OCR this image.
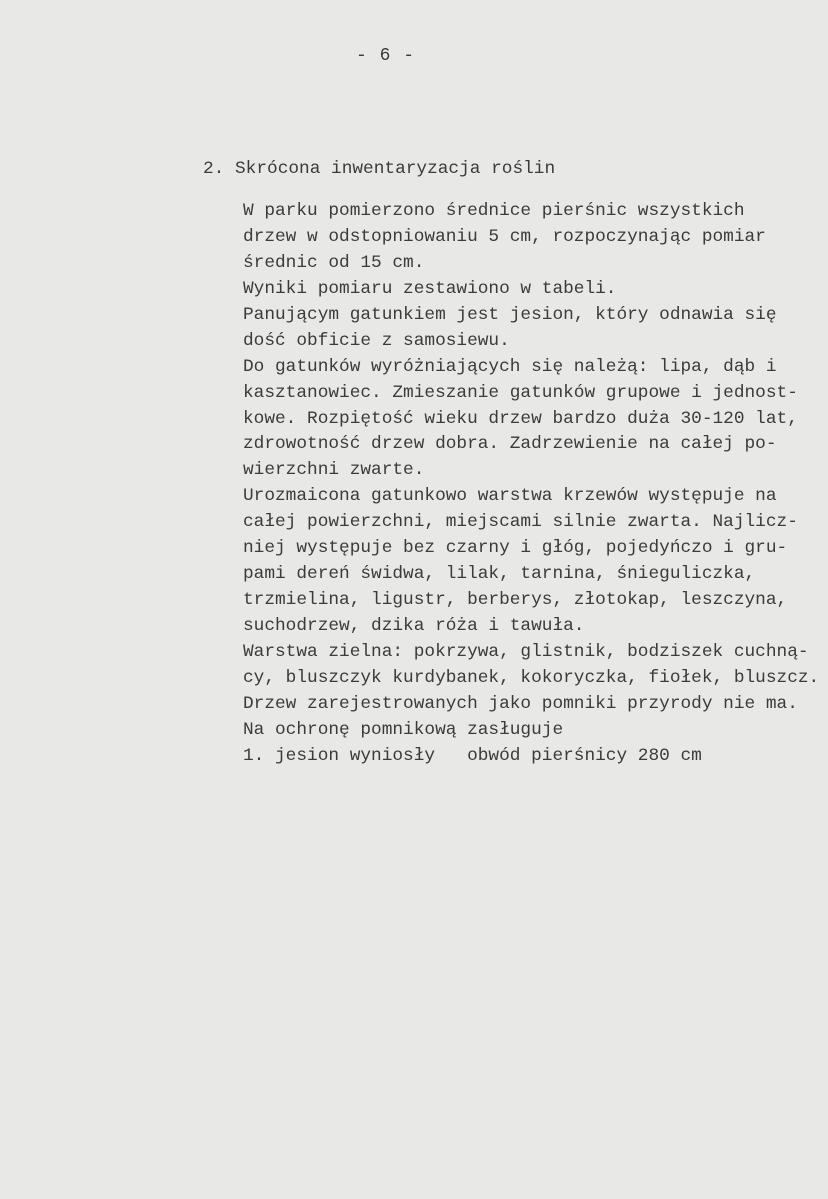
- 6 -
2. Skrócona inwentaryzacja roślin
W parku pomierzono średnice pierśnic wszystkich
drzew w odstopniowaniu 5 cm, rozpoczynając pomiar
średnic od 15 cm.
Wyniki pomiaru zestawiono w tabeli.
Panującym gatunkiem jest jesion, który odnawia się
dość obficie z samosiewu.
Do gatunków wyróżniających się należą: lipa, dąb i
kasztanowiec. Zmieszanie gatunków grupowe i jednost-
kowe. Rozpiętość wieku drzew bardzo duża 30-120 lat,
zdrowotność drzew dobra. Zadrzewienie na całej po-
wierzchni zwarte.
Urozmaicona gatunkowo warstwa krzewów występuje na
całej powierzchni, miejscami silnie zwarta. Najlicz-
niej występuje bez czarny i głóg, pojedyńczo i gru-
pami dereń świdwa, lilak, tarnina, śnieguliczka,
trzmielina, ligustr, berberys, złotokap, leszczyna,
suchodrzew, dzika róża i tawuła.
Warstwa zielna: pokrzywa, glistnik, bodziszek cuchną-
cy, bluszczyk kurdybanek, kokoryczka, fiołek, bluszcz.
Drzew zarejestrowanych jako pomniki przyrody nie ma.
Na ochronę pomnikową zasługuje
1. jesion wyniosły   obwód pierśnicy 280 cm
